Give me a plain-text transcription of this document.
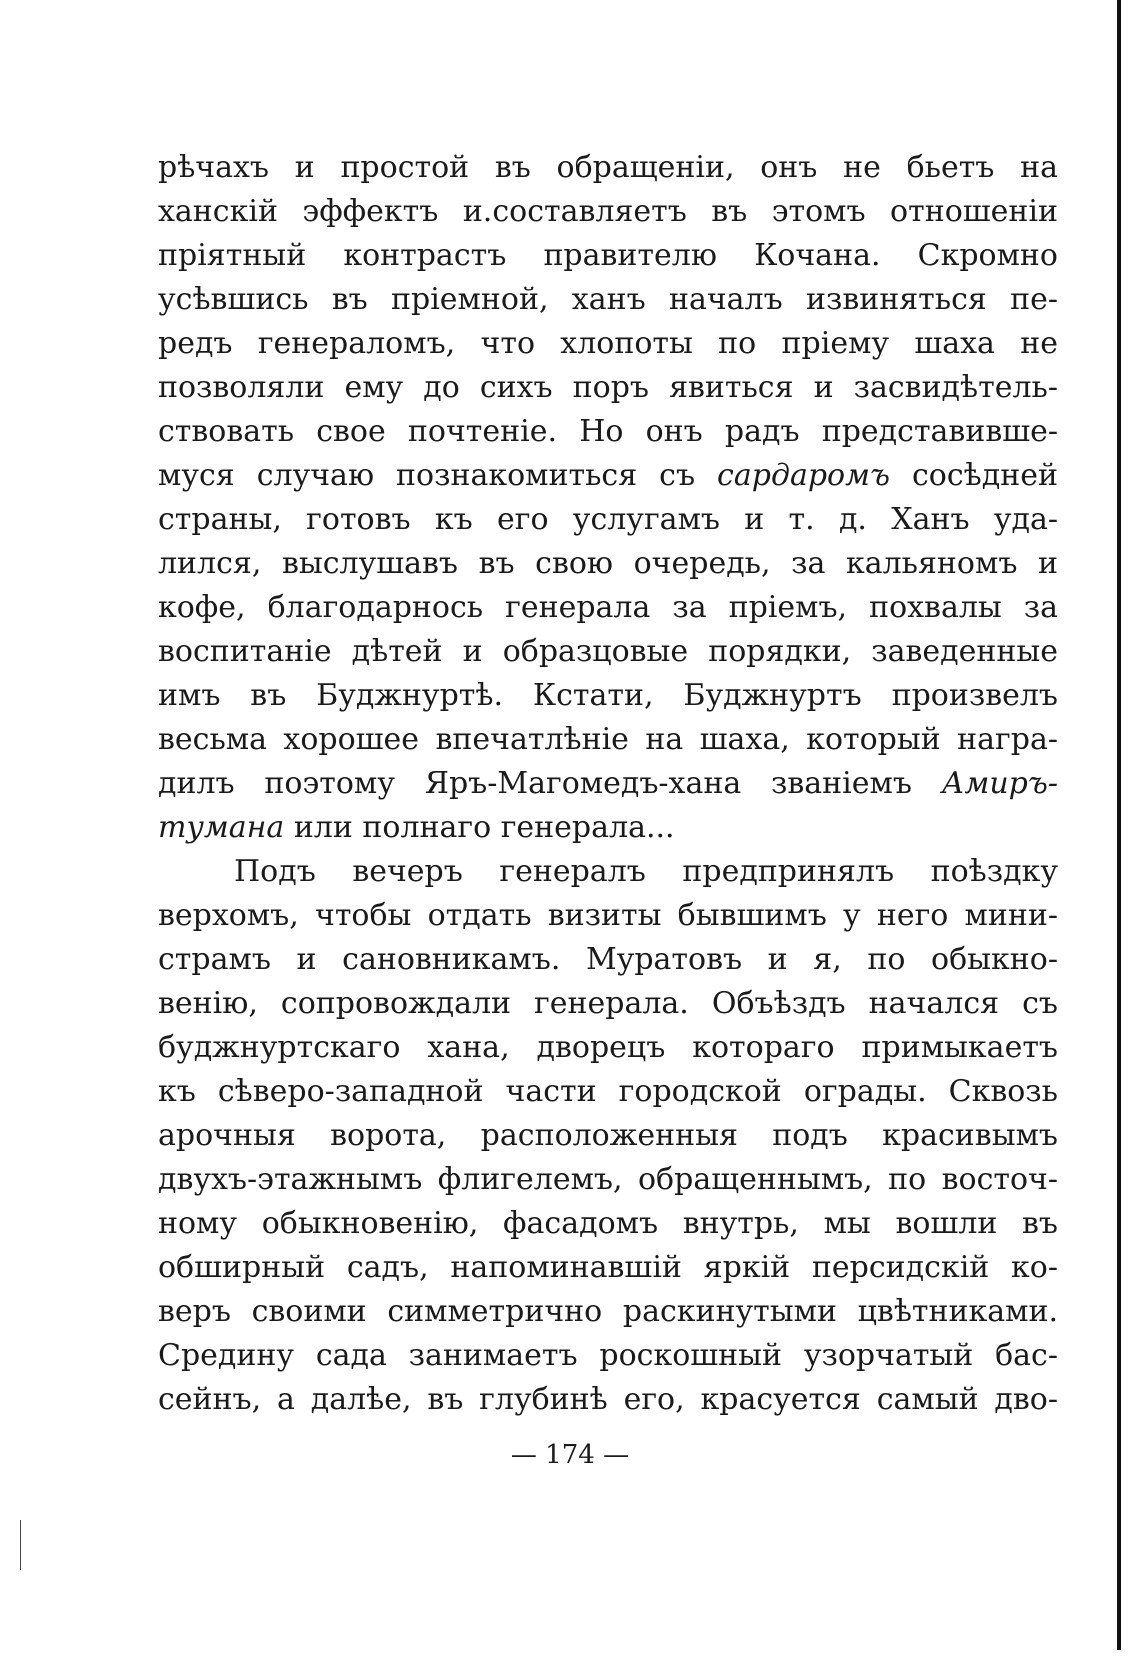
рѣчахъ и простой въ обращеніи, онъ не бьетъ на
ханскій эффектъ и.составляетъ въ этомъ отношеніи
пріятный контрастъ правителю Кочана. Скромно
усѣвшись въ пріемной, ханъ началъ извиняться пе-
редъ генераломъ, что хлопоты по пріему шаха не
позволяли ему до сихъ поръ явиться и засвидѣтель-
ствовать свое почтеніе. Но онъ радъ представивше-
муся случаю познакомиться съ сардаромъ сосѣдней
страны, готовъ къ его услугамъ и т. д. Ханъ уда-
лился, выслушавъ въ свою очередь, за кальяномъ и
кофе, благодарнось генерала за пріемъ, похвалы за
воспитаніе дѣтей и образцовые порядки, заведенные
имъ въ Буджнуртѣ. Кстати, Буджнуртъ произвелъ
весьма хорошее впечатлѣніе на шаха, который награ-
дилъ поэтому Яръ-Магомедъ-хана званіемъ Амиръ-
тумана или полнаго генерала...
Подъ вечеръ генералъ предпринялъ поѣздку
верхомъ, чтобы отдать визиты бывшимъ у него мини-
страмъ и сановникамъ. Муратовъ и я, по обыкно-
венію, сопровождали генерала. Объѣздъ начался съ
буджнуртскаго хана, дворецъ котораго примыкаетъ
къ сѣверо-западной части городской ограды. Сквозь
арочныя ворота, расположенныя подъ красивымъ
двухъ-этажнымъ флигелемъ, обращеннымъ, по восточ-
ному обыкновенію, фасадомъ внутрь, мы вошли въ
обширный садъ, напоминавшій яркій персидскій ко-
веръ своими симметрично раскинутыми цвѣтниками.
Средину сада занимаетъ роскошный узорчатый бас-
сейнъ, а далѣе, въ глубинѣ его, красуется самый дво-
— 174 —
